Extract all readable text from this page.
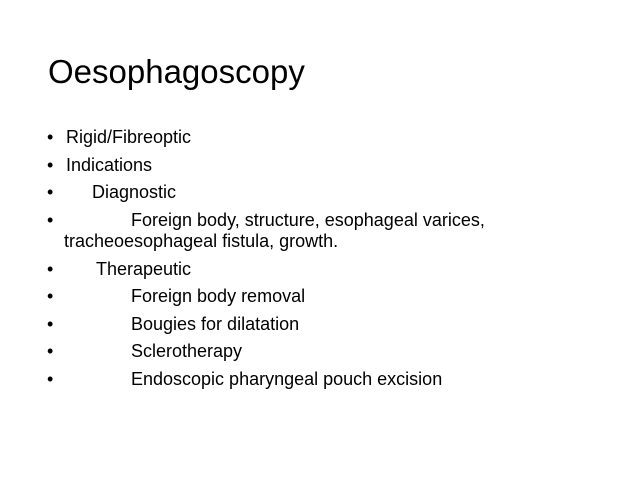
Oesophagoscopy
• Rigid/Fibreoptic
• Indications
•	Diagnostic
•	Foreign body, structure, esophageal varices,
tracheoesophageal fistula, growth.
•	Therapeutic
•	Foreign body removal
•	Bougies for dilatation
•	Sclerotherapy
•	Endoscopic pharyngeal pouch excision
